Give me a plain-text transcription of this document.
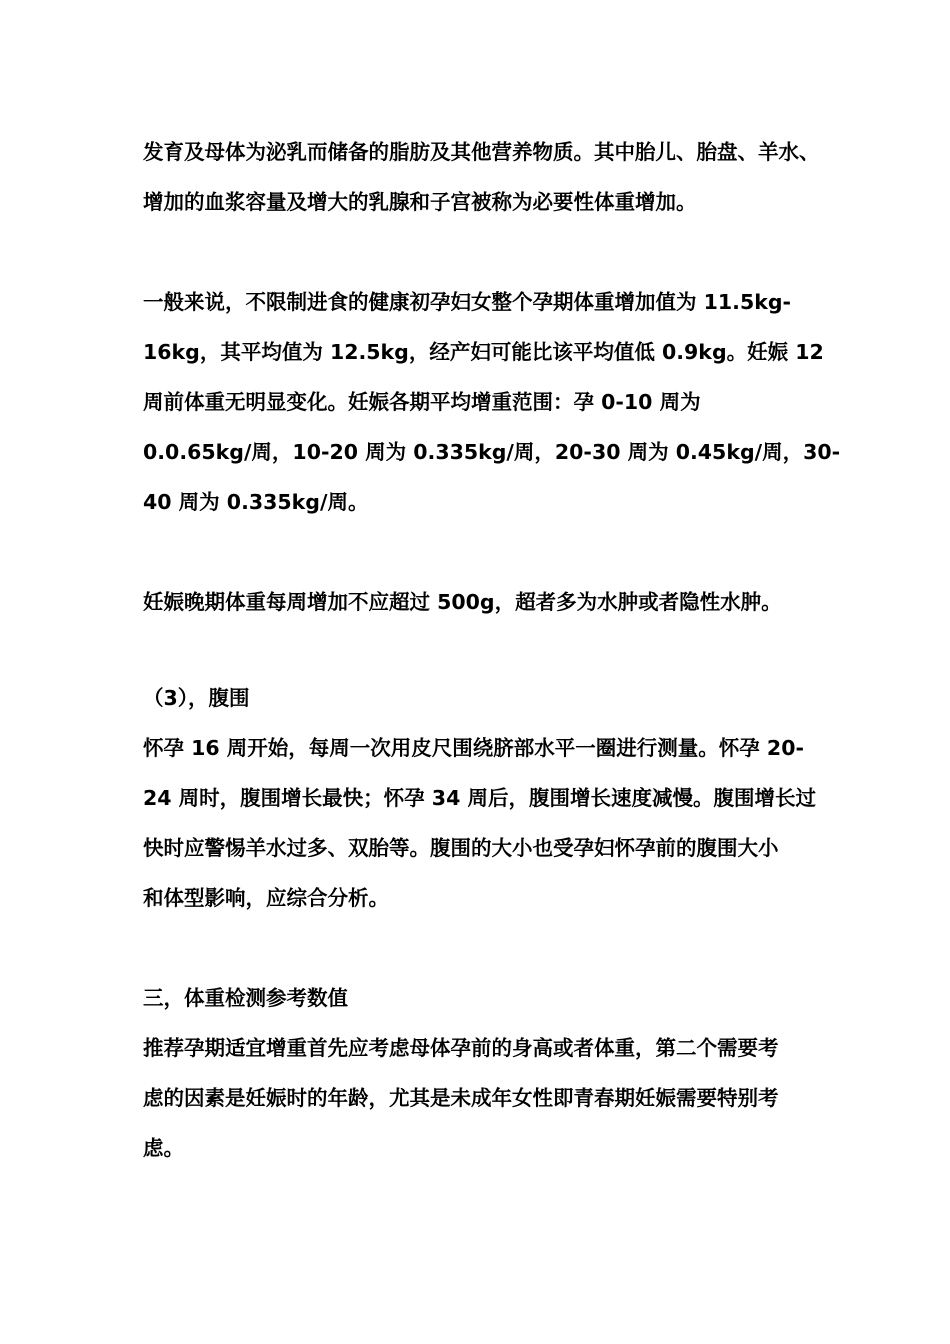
发育及母体为泌乳而储备的脂肪及其他营养物质。其中胎儿、胎盘、羊水、
增加的血浆容量及增大的乳腺和子宫被称为必要性体重增加。
一般来说，不限制进食的健康初孕妇女整个孕期体重增加值为 11.5kg-
16kg，其平均值为 12.5kg，经产妇可能比该平均值低 0.9kg。妊娠 12
周前体重无明显变化。妊娠各期平均增重范围：孕 0-10 周为
0.0.65kg/周，10-20 周为 0.335kg/周，20-30 周为 0.45kg/周，30-
40 周为 0.335kg/周。
妊娠晚期体重每周增加不应超过 500g，超者多为水肿或者隐性水肿。
（3），腹围
怀孕 16 周开始，每周一次用皮尺围绕脐部水平一圈进行测量。怀孕 20-
24 周时，腹围增长最快；怀孕 34 周后，腹围增长速度减慢。腹围增长过
快时应警惕羊水过多、双胎等。腹围的大小也受孕妇怀孕前的腹围大小
和体型影响，应综合分析。
三，体重检测参考数值
推荐孕期适宜增重首先应考虑母体孕前的身高或者体重，第二个需要考
虑的因素是妊娠时的年龄，尤其是未成年女性即青春期妊娠需要特别考
虑。
